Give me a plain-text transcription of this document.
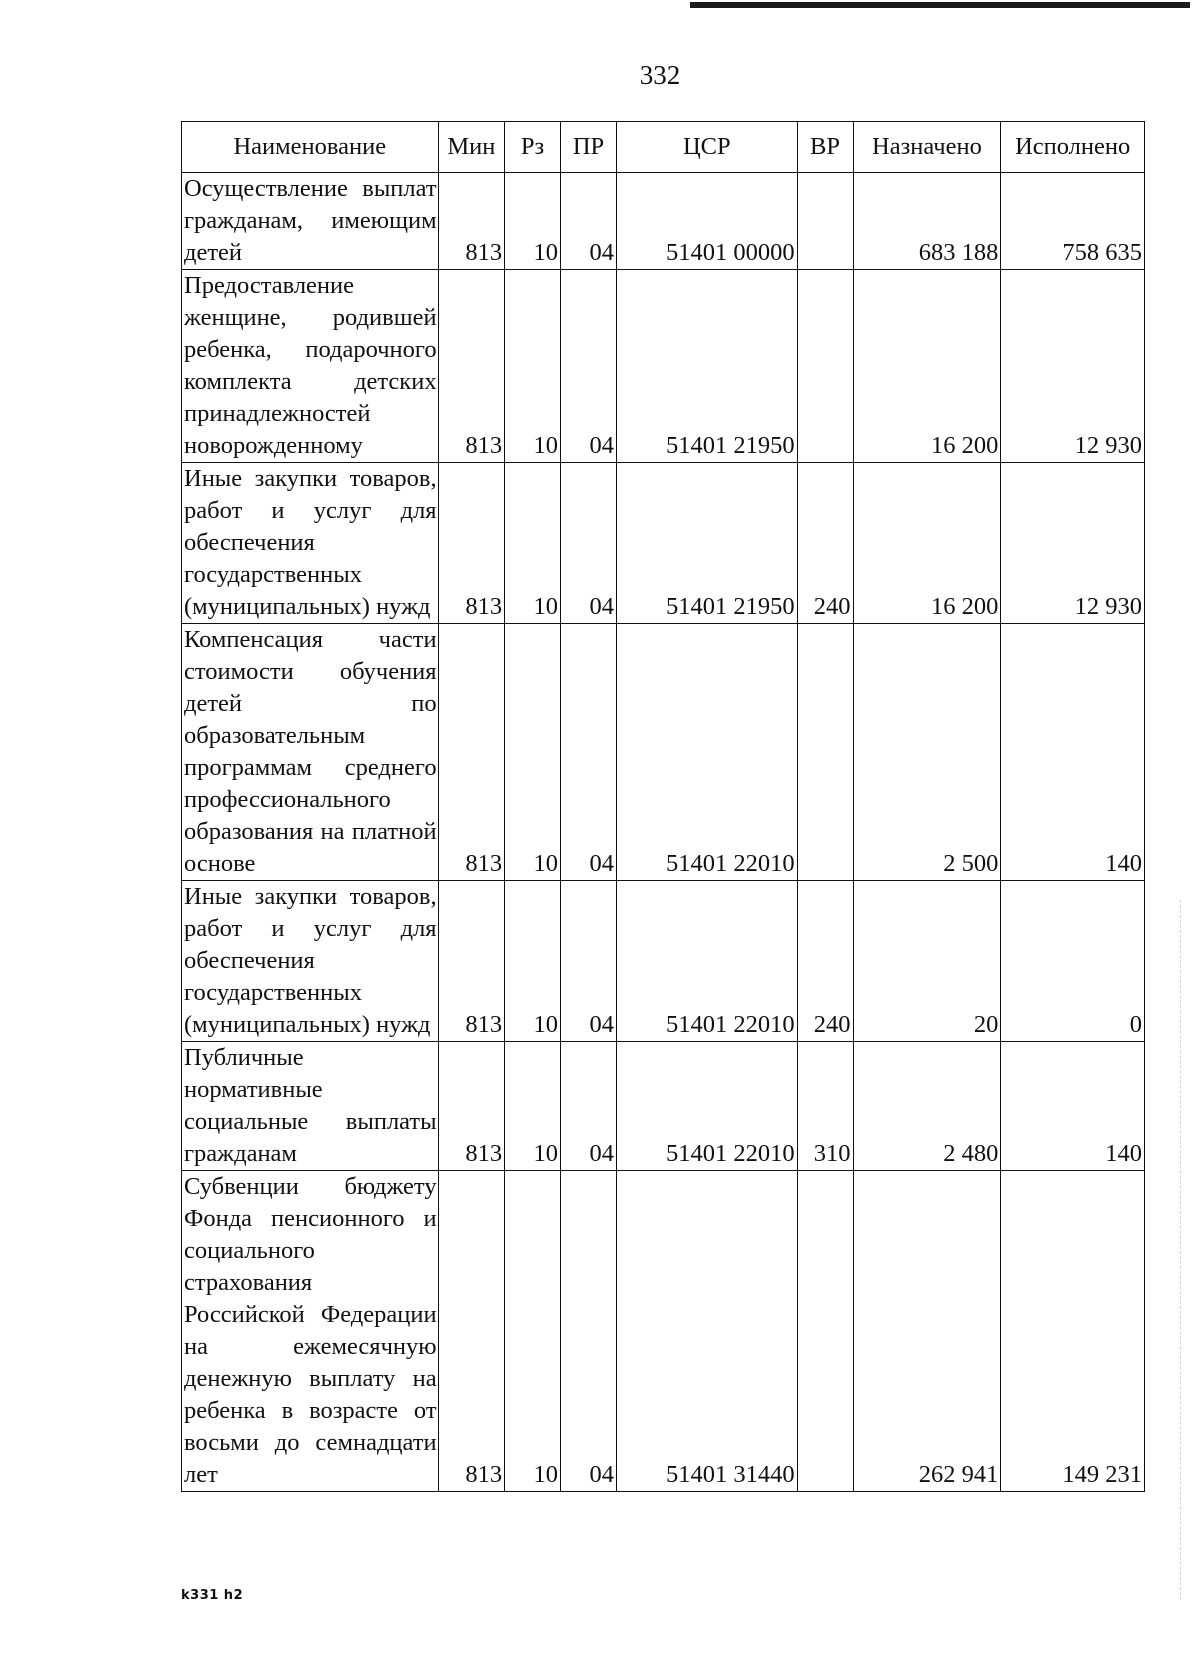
332
Наименование	Мин	Рз	ПР	ЦСР	ВР	Назначено	Исполнено
Осуществление выплат гражданам, имеющим детей	813	10	04	51401 00000		683 188	758 635
Предоставление женщине, родившей ребенка, подарочного комплекта детских принадлежностей новорожденному	813	10	04	51401 21950		16 200	12 930
Иные закупки товаров, работ и услуг для обеспечения государственных (муниципальных) нужд	813	10	04	51401 21950	240	16 200	12 930
Компенсация части стоимости обучения детей по образовательным программам среднего профессионального образования на платной основе	813	10	04	51401 22010		2 500	140
Иные закупки товаров, работ и услуг для обеспечения государственных (муниципальных) нужд	813	10	04	51401 22010	240	20	0
Публичные нормативные социальные выплаты гражданам	813	10	04	51401 22010	310	2 480	140
Субвенции бюджету Фонда пенсионного и социального страхования Российской Федерации на ежемесячную денежную выплату на ребенка в возрасте от восьми до семнадцати лет	813	10	04	51401 31440		262 941	149 231
k331 h2
